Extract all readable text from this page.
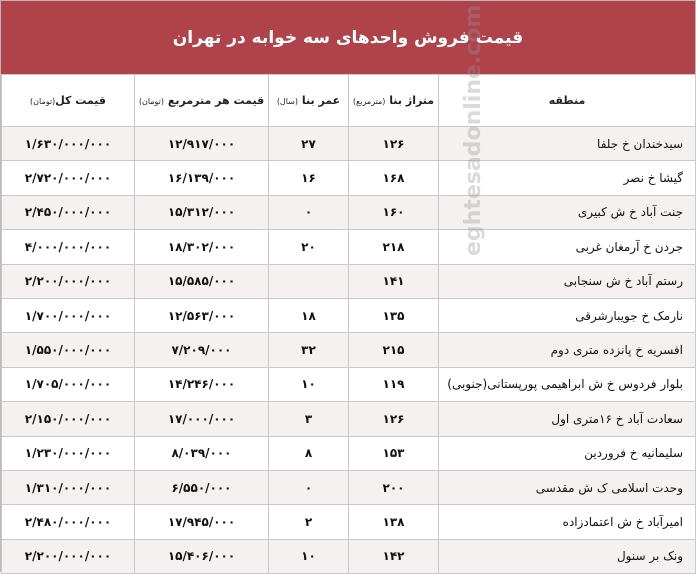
قیمت فروش واحدهای سه خوابه در تهران
منطقه	متراژ بنا (مترمربع)	عمر بنا (سال)	قیمت هر مترمربع (تومان)	قیمت کل(تومان)
سیدخندان خ جلفا	۱۲۶	۲۷	۱۲/۹۱۷/۰۰۰	۱/۶۳۰/۰۰۰/۰۰۰
گیشا خ نصر	۱۶۸	۱۶	۱۶/۱۳۹/۰۰۰	۲/۷۲۰/۰۰۰/۰۰۰
جنت آباد خ ش کبیری	۱۶۰	۰	۱۵/۳۱۲/۰۰۰	۲/۴۵۰/۰۰۰/۰۰۰
جردن خ آرمغان غربی	۲۱۸	۲۰	۱۸/۳۰۲/۰۰۰	۴/۰۰۰/۰۰۰/۰۰۰
رستم آباد خ ش سنجابی	۱۴۱		۱۵/۵۸۵/۰۰۰	۲/۲۰۰/۰۰۰/۰۰۰
نارمک خ جویبارشرقی	۱۳۵	۱۸	۱۲/۵۶۳/۰۰۰	۱/۷۰۰/۰۰۰/۰۰۰
افسریه خ پانزده متری دوم	۲۱۵	۳۲	۷/۲۰۹/۰۰۰	۱/۵۵۰/۰۰۰/۰۰۰
بلوار فردوس خ ش ابراهیمی پورپستانی(جنوبی)	۱۱۹	۱۰	۱۴/۲۴۶/۰۰۰	۱/۷۰۵/۰۰۰/۰۰۰
سعادت آباد خ ۱۶متری اول	۱۲۶	۳	۱۷/۰۰۰/۰۰۰	۲/۱۵۰/۰۰۰/۰۰۰
سلیمانیه خ فروردین	۱۵۳	۸	۸/۰۳۹/۰۰۰	۱/۲۳۰/۰۰۰/۰۰۰
وحدت اسلامی ک ش مقدسی	۲۰۰	۰	۶/۵۵۰/۰۰۰	۱/۳۱۰/۰۰۰/۰۰۰
امیرآباد خ ش اعتمادزاده	۱۳۸	۲	۱۷/۹۴۵/۰۰۰	۲/۴۸۰/۰۰۰/۰۰۰
ونک بر سنول	۱۴۲	۱۰	۱۵/۴۰۶/۰۰۰	۲/۲۰۰/۰۰۰/۰۰۰
eghtesadonline.com
